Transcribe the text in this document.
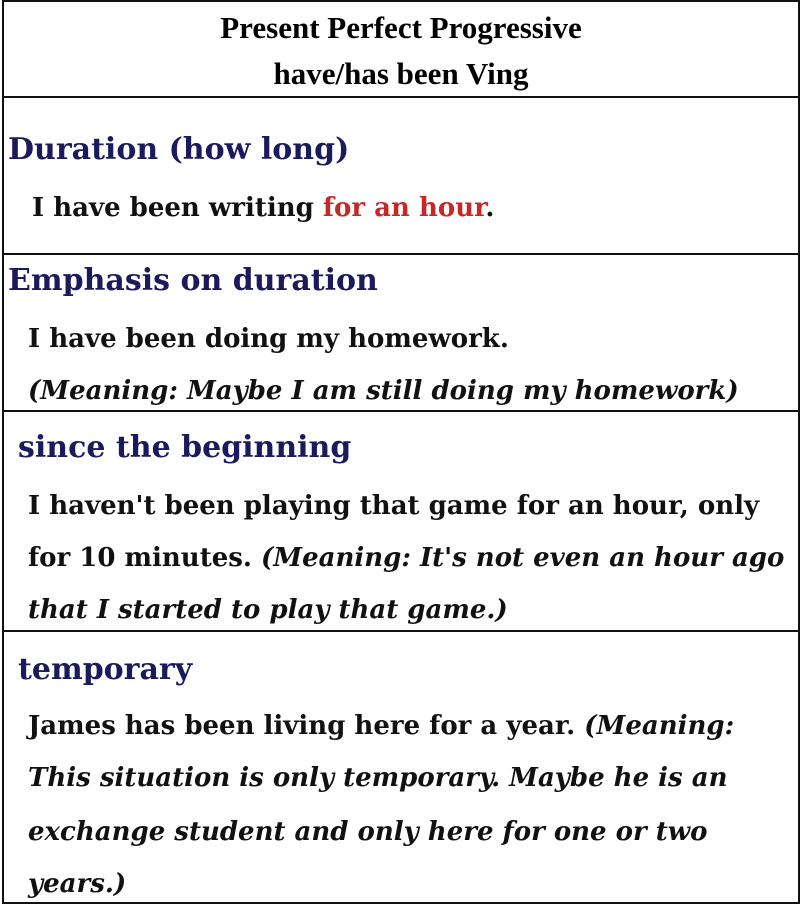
Present Perfect Progressive
have/has been Ving
Duration (how long)
I have been writing for an hour.
Emphasis on duration
I have been doing my homework.
(Meaning: Maybe I am still doing my homework)
since the beginning
I haven't been playing that game for an hour, only
for 10 minutes. (Meaning: It's not even an hour ago
that I started to play that game.)
temporary
James has been living here for a year. (Meaning:
This situation is only temporary. Maybe he is an
exchange student and only here for one or two
years.)
